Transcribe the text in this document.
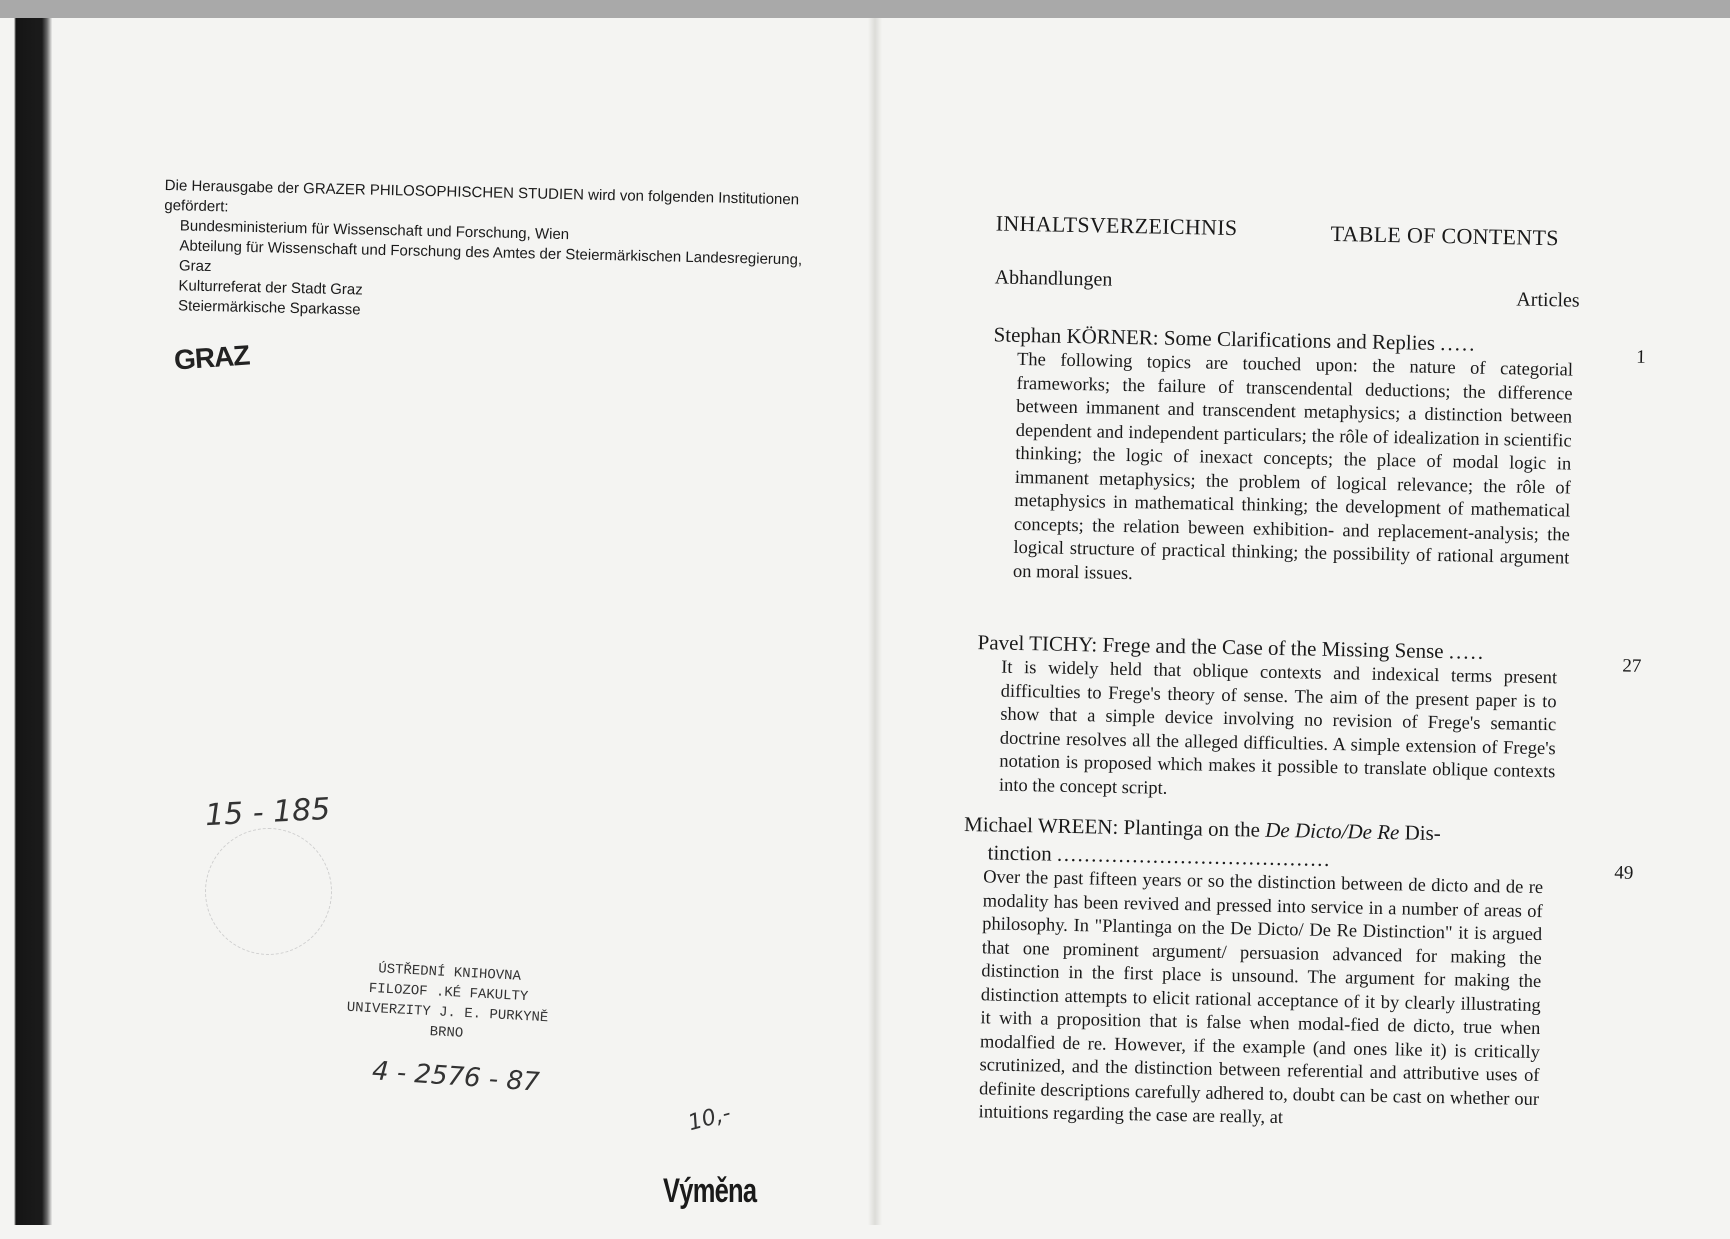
Die Herausgabe der GRAZER PHILOSOPHISCHEN STUDIEN wird von folgenden Institutionen gefördert:
Bundesministerium für Wissenschaft und Forschung, Wien
Abteilung für Wissenschaft und Forschung des Amtes der Steiermärkischen Landesregierung, Graz
Kulturreferat der Stadt Graz
Steiermärkische Sparkasse
GRAZ
15 - 185
ÚSTŘEDNÍ KNIHOVNA
FILOZOF .KÉ FAKULTY
UNIVERZITY J. E. PURKYNĚ
BRNO
4 - 2576 - 87
10,-
Výměna
INHALTSVERZEICHNIS	TABLE OF CONTENTS
Abhandlungen
Articles
Stephan KÖRNER: Some Clarifications and Replies .....
The following topics are touched upon: the nature of categorial frameworks; the failure of transcendental deductions; the difference between immanent and transcendent metaphysics; a distinction between dependent and independent particulars; the rôle of idealization in scientific thinking; the logic of inexact concepts; the place of modal logic in immanent metaphysics; the problem of logical relevance; the rôle of metaphysics in mathematical thinking; the development of mathematical concepts; the relation beween exhibition- and replacement-analysis; the logical structure of practical thinking; the possibility of rational argument on moral issues.
1
Pavel TICHY: Frege and the Case of the Missing Sense .....
It is widely held that oblique contexts and indexical terms present difficulties to Frege's theory of sense. The aim of the present paper is to show that a simple device involving no revision of Frege's semantic doctrine resolves all the alleged difficulties. A simple extension of Frege's notation is proposed which makes it possible to translate oblique contexts into the concept script.
27
Michael WREEN: Plantinga on the De Dicto/De Re Dis-
tinction ........................................
Over the past fifteen years or so the distinction between de dicto and de re modality has been revived and pressed into service in a number of areas of philosophy. In "Plantinga on the De Dicto/ De Re Distinction" it is argued that one prominent argument/ persuasion advanced for making the distinction in the first place is unsound. The argument for making the distinction attempts to elicit rational acceptance of it by clearly illustrating it with a proposition that is false when modal-fied de dicto, true when modalfied de re. However, if the example (and ones like it) is critically scrutinized, and the distinction between referential and attributive uses of definite descriptions carefully adhered to, doubt can be cast on whether our intuitions regarding the case are really, at
49
